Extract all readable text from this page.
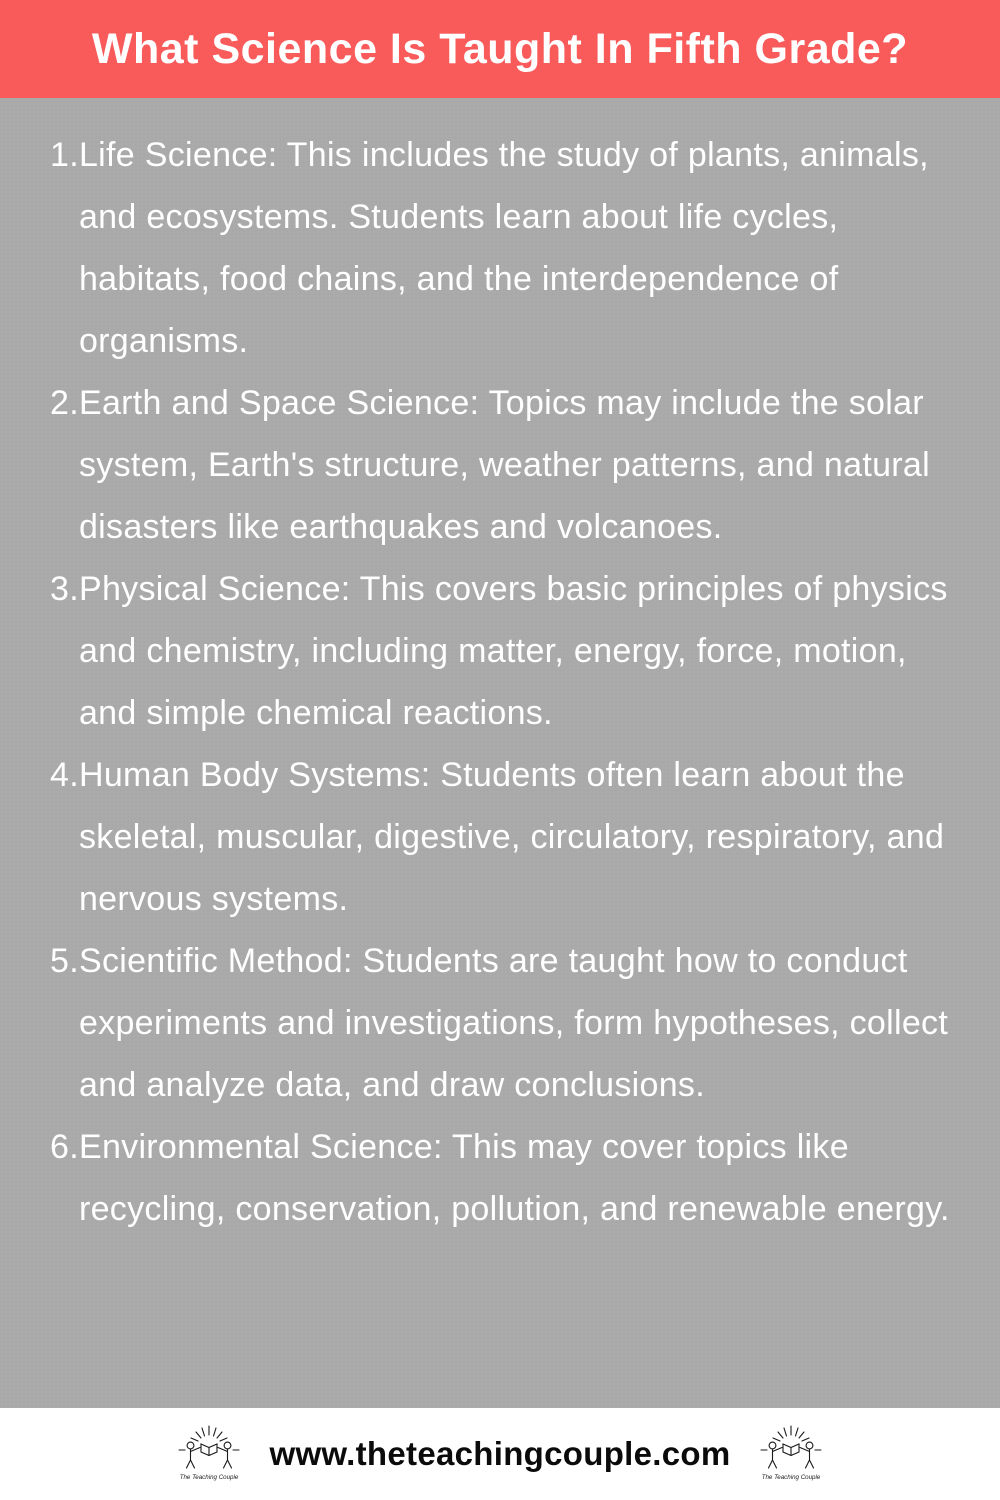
What Science Is Taught In Fifth Grade?
1. Life Science: This includes the study of plants, animals, and ecosystems. Students learn about life cycles, habitats, food chains, and the interdependence of organisms.
2. Earth and Space Science: Topics may include the solar system, Earth's structure, weather patterns, and natural disasters like earthquakes and volcanoes.
3. Physical Science: This covers basic principles of physics and chemistry, including matter, energy, force, motion, and simple chemical reactions.
4. Human Body Systems: Students often learn about the skeletal, muscular, digestive, circulatory, respiratory, and nervous systems.
5. Scientific Method: Students are taught how to conduct experiments and investigations, form hypotheses, collect and analyze data, and draw conclusions.
6. Environmental Science: This may cover topics like recycling, conservation, pollution, and renewable energy.
The Teaching Couple
www.theteachingcouple.com
The Teaching Couple
